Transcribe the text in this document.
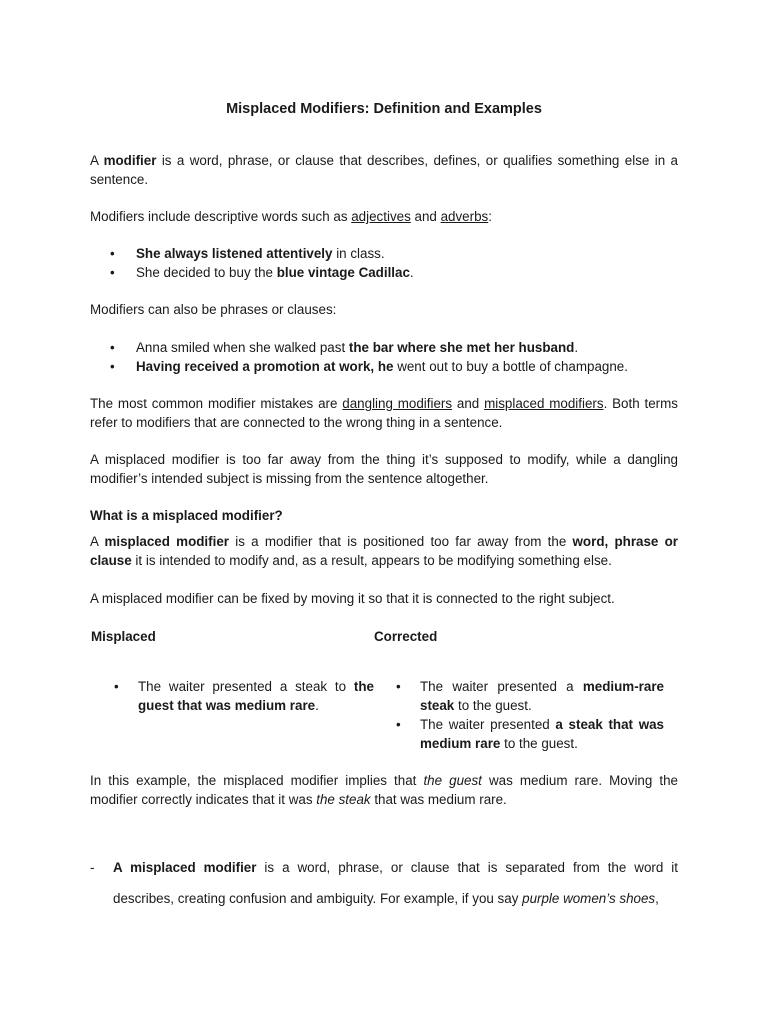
Misplaced Modifiers: Definition and Examples

A modifier is a word, phrase, or clause that describes, defines, or qualifies something else in a sentence.

Modifiers include descriptive words such as adjectives and adverbs:

• She always listened attentively in class.
• She decided to buy the blue vintage Cadillac.

Modifiers can also be phrases or clauses:

• Anna smiled when she walked past the bar where she met her husband.
• Having received a promotion at work, he went out to buy a bottle of champagne.

The most common modifier mistakes are dangling modifiers and misplaced modifiers. Both terms refer to modifiers that are connected to the wrong thing in a sentence.

A misplaced modifier is too far away from the thing it’s supposed to modify, while a dangling modifier’s intended subject is missing from the sentence altogether.

What is a misplaced modifier?

A misplaced modifier is a modifier that is positioned too far away from the word, phrase or clause it is intended to modify and, as a result, appears to be modifying something else.

A misplaced modifier can be fixed by moving it so that it is connected to the right subject.

Misplaced	Corrected
• The waiter presented a steak to the guest that was medium rare.
• The waiter presented a medium-rare steak to the guest.
• The waiter presented a steak that was medium rare to the guest.

In this example, the misplaced modifier implies that the guest was medium rare. Moving the modifier correctly indicates that it was the steak that was medium rare.

- A misplaced modifier is a word, phrase, or clause that is separated from the word it describes, creating confusion and ambiguity. For example, if you say purple women’s shoes,
